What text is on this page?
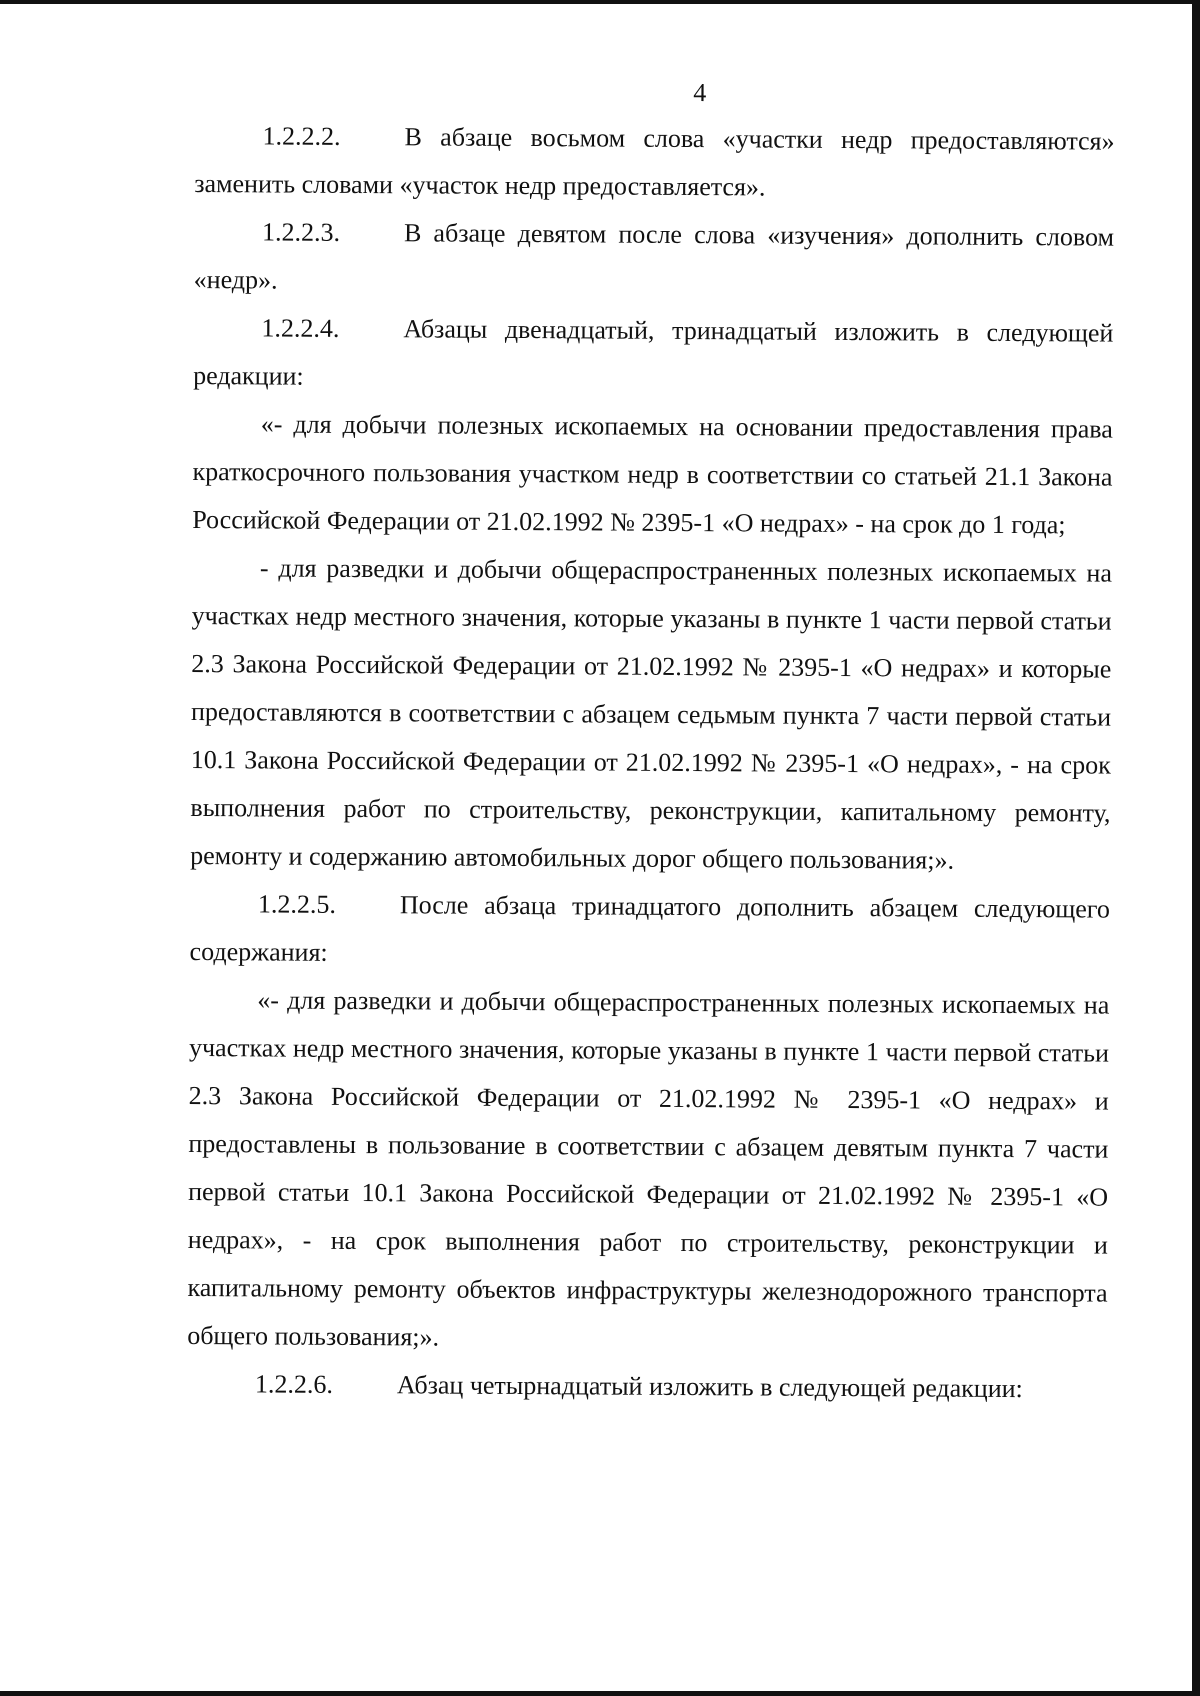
4

1.2.2.2. В абзаце восьмом слова «участки недр предоставляются» заменить словами «участок недр предоставляется».

1.2.2.3. В абзаце девятом после слова «изучения» дополнить словом «недр».

1.2.2.4. Абзацы двенадцатый, тринадцатый изложить в следующей редакции:

«- для добычи полезных ископаемых на основании предоставления права краткосрочного пользования участком недр в соответствии со статьей 21.1 Закона Российской Федерации от 21.02.1992 № 2395-1 «О недрах» - на срок до 1 года;

- для разведки и добычи общераспространенных полезных ископаемых на участках недр местного значения, которые указаны в пункте 1 части первой статьи 2.3 Закона Российской Федерации от 21.02.1992 № 2395-1 «О недрах» и которые предоставляются в соответствии с абзацем седьмым пункта 7 части первой статьи 10.1 Закона Российской Федерации от 21.02.1992 № 2395-1 «О недрах», - на срок выполнения работ по строительству, реконструкции, капитальному ремонту, ремонту и содержанию автомобильных дорог общего пользования;».

1.2.2.5. После абзаца тринадцатого дополнить абзацем следующего содержания:

«- для разведки и добычи общераспространенных полезных ископаемых на участках недр местного значения, которые указаны в пункте 1 части первой статьи 2.3 Закона Российской Федерации от 21.02.1992 № 2395-1 «О недрах» и предоставлены в пользование в соответствии с абзацем девятым пункта 7 части первой статьи 10.1 Закона Российской Федерации от 21.02.1992 № 2395-1 «О недрах», - на срок выполнения работ по строительству, реконструкции и капитальному ремонту объектов инфраструктуры железнодорожного транспорта общего пользования;».

1.2.2.6. Абзац четырнадцатый изложить в следующей редакции:
